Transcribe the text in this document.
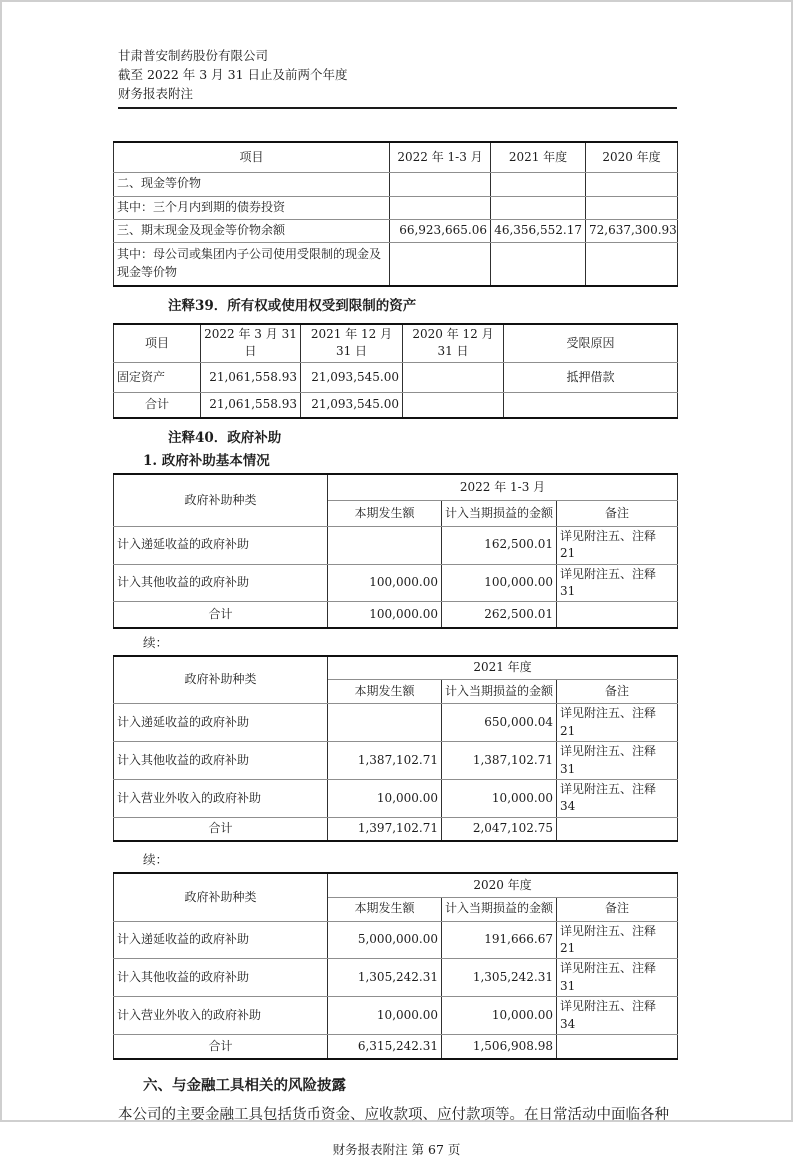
甘肃普安制药股份有限公司
截至 2022 年 3 月 31 日止及前两个年度
财务报表附注
项目	2022 年 1-3 月	2021 年度	2020 年度
二、现金等价物			
其中：三个月内到期的债券投资			
三、期末现金及现金等价物余额	66,923,665.06	46,356,552.17	72,637,300.93
其中：母公司或集团内子公司使用受限制的现金及现金等价物			
注释39．所有权或使用权受到限制的资产
项目	2022 年 3 月 31 日	2021 年 12 月 31 日	2020 年 12 月 31 日	受限原因
固定资产	21,061,558.93	21,093,545.00		抵押借款
合计	21,061,558.93	21,093,545.00		
注释40．政府补助
1. 政府补助基本情况
政府补助种类	2022 年 1-3 月		
	本期发生额	计入当期损益的金额	备注
计入递延收益的政府补助		162,500.01	详见附注五、注释 21
计入其他收益的政府补助	100,000.00	100,000.00	详见附注五、注释 31
合计	100,000.00	262,500.01	
续：
政府补助种类	2021 年度		
	本期发生额	计入当期损益的金额	备注
计入递延收益的政府补助		650,000.04	详见附注五、注释 21
计入其他收益的政府补助	1,387,102.71	1,387,102.71	详见附注五、注释 31
计入营业外收入的政府补助	10,000.00	10,000.00	详见附注五、注释 34
合计	1,397,102.71	2,047,102.75	
续：
政府补助种类	2020 年度		
	本期发生额	计入当期损益的金额	备注
计入递延收益的政府补助	5,000,000.00	191,666.67	详见附注五、注释 21
计入其他收益的政府补助	1,305,242.31	1,305,242.31	详见附注五、注释 31
计入营业外收入的政府补助	10,000.00	10,000.00	详见附注五、注释 34
合计	6,315,242.31	1,506,908.98	
六、与金融工具相关的风险披露
本公司的主要金融工具包括货币资金、应收款项、应付款项等。在日常活动中面临各种
财务报表附注 第 67 页
